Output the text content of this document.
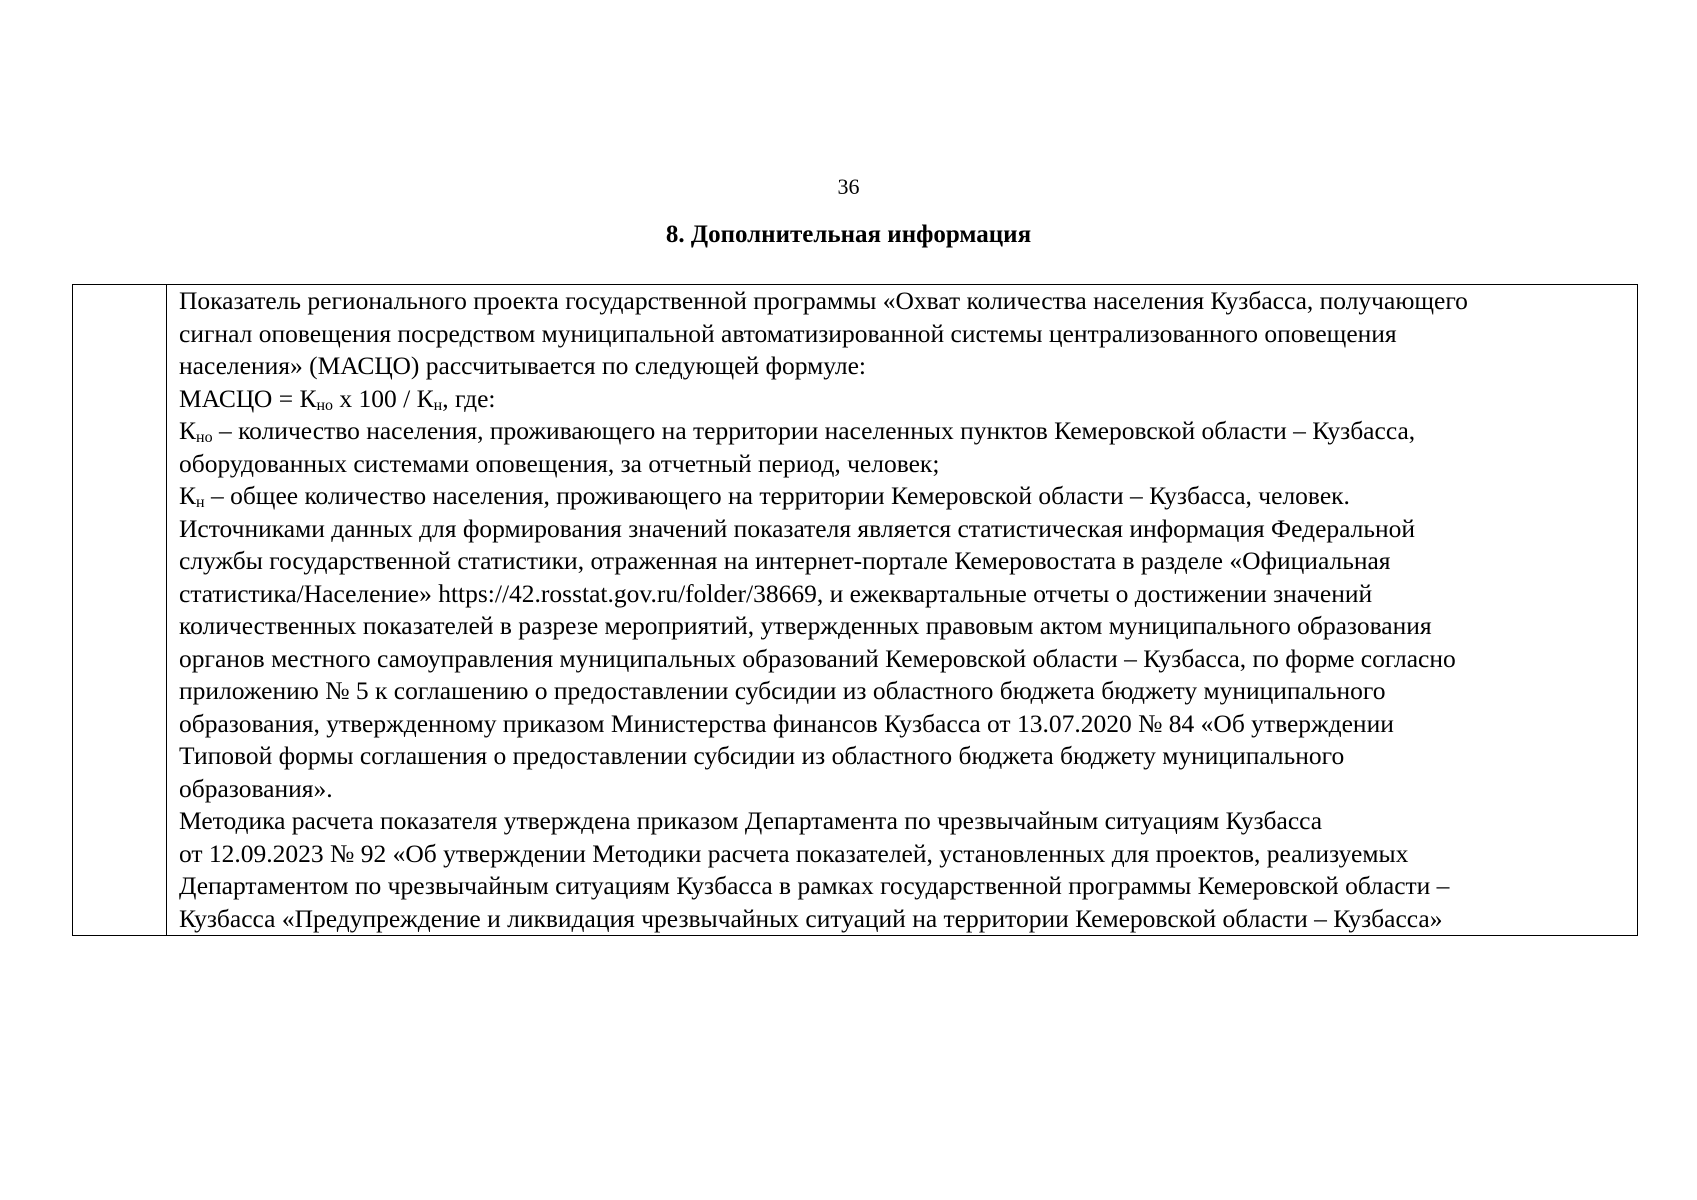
36
8. Дополнительная информация
Показатель регионального проекта государственной программы «Охват количества населения Кузбасса, получающего
сигнал оповещения посредством муниципальной автоматизированной системы централизованного оповещения
населения» (МАСЦО) рассчитывается по следующей формуле:
МАСЦО = $К_{но}$ х $100 / К_н$, где:
$К_{но}$ – количество населения, проживающего на территории населенных пунктов Кемеровской области – Кузбасса,
оборудованных системами оповещения, за отчетный период, человек;
$К_н$ – общее количество населения, проживающего на территории Кемеровской области – Кузбасса, человек.
Источниками данных для формирования значений показателя является статистическая информация Федеральной
службы государственной статистики, отраженная на интернет-портале Кемеровостата в разделе «Официальная
статистика/Население» https://42.rosstat.gov.ru/folder/38669, и ежеквартальные отчеты о достижении значений
количественных показателей в разрезе мероприятий, утвержденных правовым актом муниципального образования
органов местного самоуправления муниципальных образований Кемеровской области – Кузбасса, по форме согласно
приложению № 5 к соглашению о предоставлении субсидии из областного бюджета бюджету муниципального
образования, утвержденному приказом Министерства финансов Кузбасса от 13.07.2020 № 84 «Об утверждении
Типовой формы соглашения о предоставлении субсидии из областного бюджета бюджету муниципального
образования».
Методика расчета показателя утверждена приказом Департамента по чрезвычайным ситуациям Кузбасса
от 12.09.2023 № 92 «Об утверждении Методики расчета показателей, установленных для проектов, реализуемых
Департаментом по чрезвычайным ситуациям Кузбасса в рамках государственной программы Кемеровской области –
Кузбасса «Предупреждение и ликвидация чрезвычайных ситуаций на территории Кемеровской области – Кузбасса»
